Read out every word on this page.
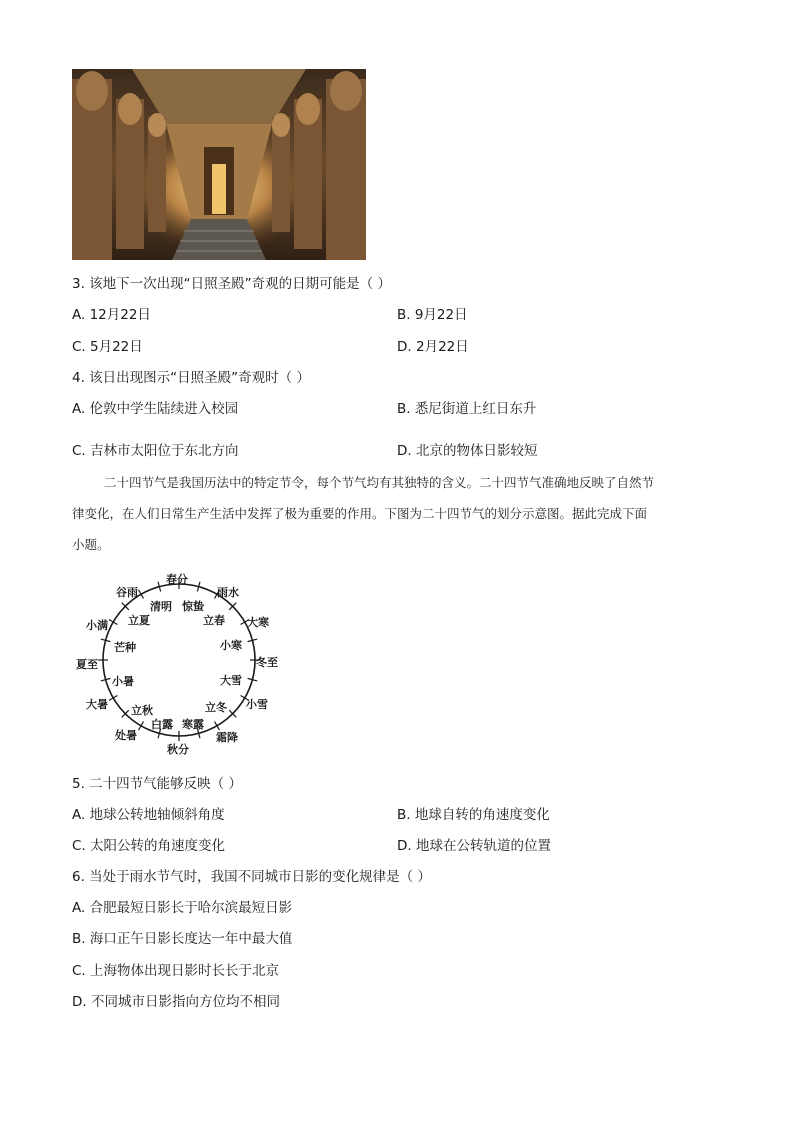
3. 该地下一次出现“日照圣殿”奇观的日期可能是（ ）
A. 12月22日	B. 9月22日
C. 5月22日	D. 2月22日
4. 该日出现图示“日照圣殿”奇观时（ ）
A. 伦敦中学生陆续进入校园	B. 悉尼街道上红日东升
C. 吉林市太阳位于东北方向	D. 北京的物体日影较短
二十四节气是我国历法中的特定节令，每个节气均有其独特的含义。二十四节气准确地反映了自然节
律变化，在人们日常生产生活中发挥了极为重要的作用。下图为二十四节气的划分示意图。据此完成下面
小题。
春分
雨水
谷雨
小满	大寒
夏至	冬至
大暑	小雪
处暑	霜降
秋分
清明 惊蛰
立夏	立春
芒种	小寒
小暑	大雪
立秋	立冬
白露 寒露
5. 二十四节气能够反映（ ）
A. 地球公转地轴倾斜角度	B. 地球自转的角速度变化
C. 太阳公转的角速度变化	D. 地球在公转轨道的位置
6. 当处于雨水节气时，我国不同城市日影的变化规律是（ ）
A. 合肥最短日影长于哈尔滨最短日影
B. 海口正午日影长度达一年中最大值
C. 上海物体出现日影时长长于北京
D. 不同城市日影指向方位均不相同
